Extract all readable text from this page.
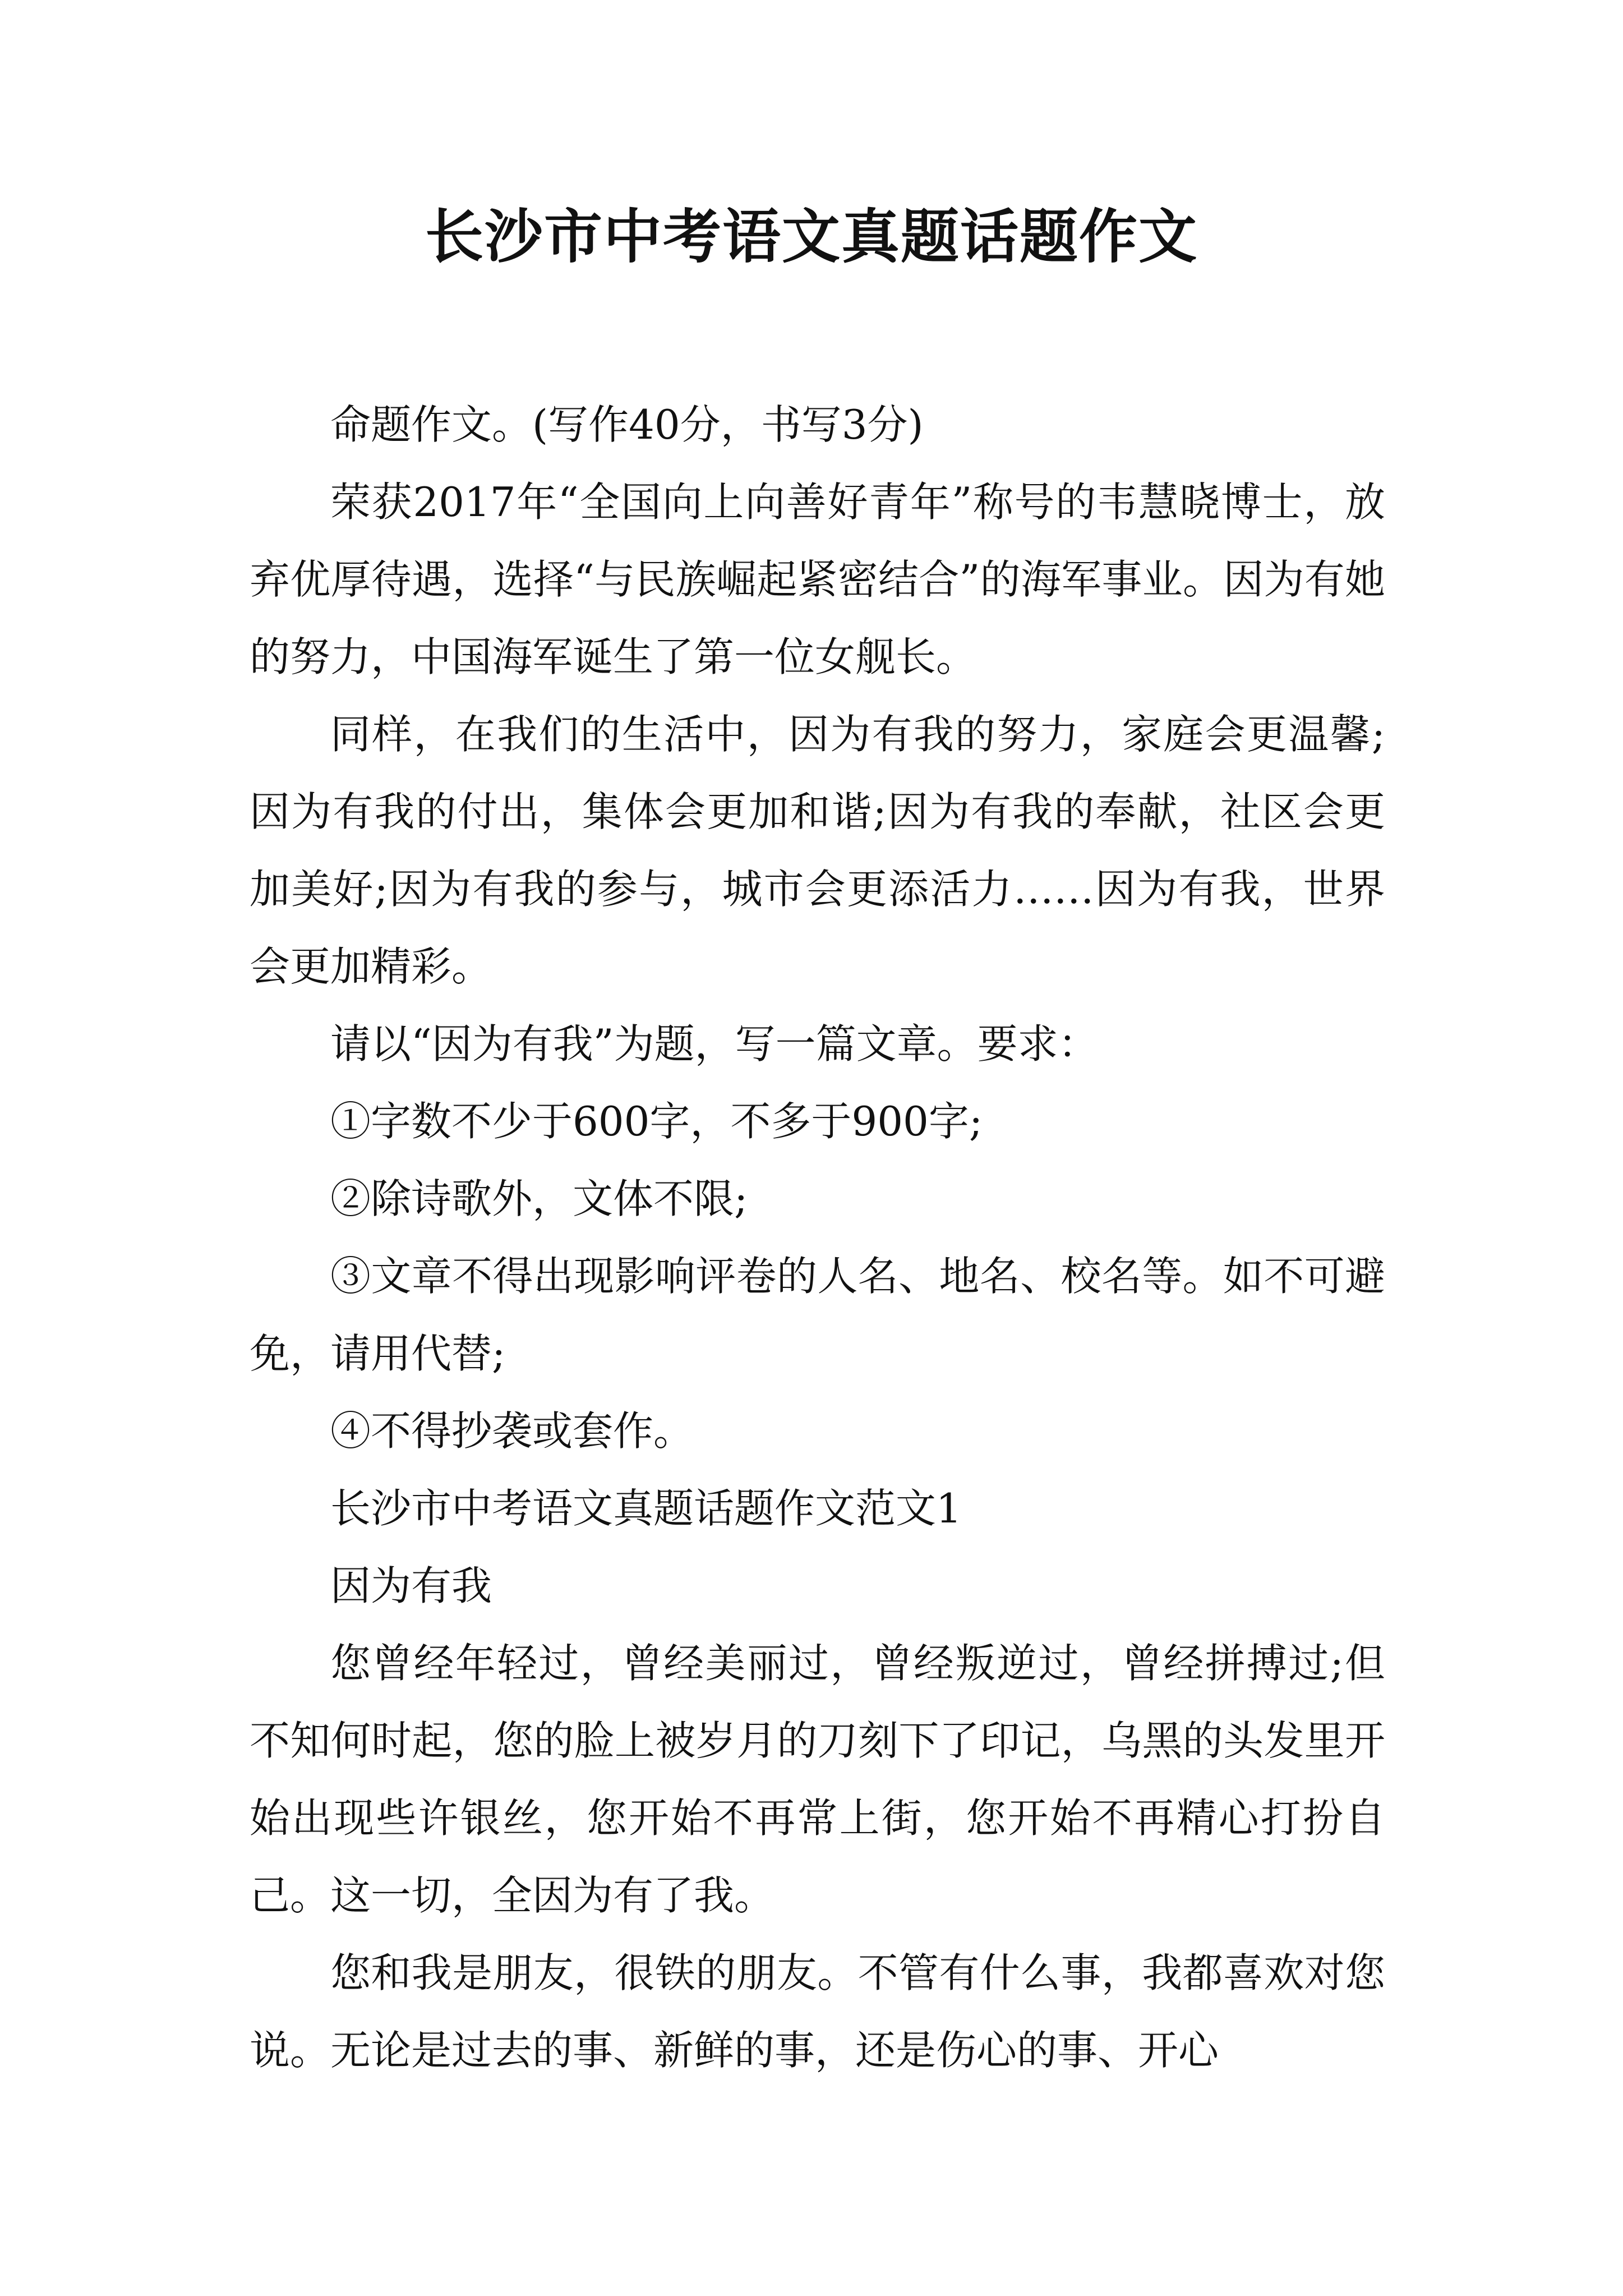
长沙市中考语文真题话题作文

命题作文。(写作40分，书写3分)

荣获2017年“全国向上向善好青年”称号的韦慧晓博士，放弃优厚待遇，选择“与民族崛起紧密结合”的海军事业。因为有她的努力，中国海军诞生了第一位女舰长。

同样，在我们的生活中，因为有我的努力，家庭会更温馨;因为有我的付出，集体会更加和谐;因为有我的奉献，社区会更加美好;因为有我的参与，城市会更添活力……因为有我，世界会更加精彩。

请以“因为有我”为题，写一篇文章。要求：

①字数不少于600字，不多于900字;

②除诗歌外，文体不限;

③文章不得出现影响评卷的人名、地名、校名等。如不可避免，请用代替;

④不得抄袭或套作。

长沙市中考语文真题话题作文范文1

因为有我

您曾经年轻过，曾经美丽过，曾经叛逆过，曾经拼搏过;但不知何时起，您的脸上被岁月的刀刻下了印记，乌黑的头发里开始出现些许银丝，您开始不再常上街，您开始不再精心打扮自己。这一切，全因为有了我。

您和我是朋友，很铁的朋友。不管有什么事，我都喜欢对您说。无论是过去的事、新鲜的事，还是伤心的事、开心
